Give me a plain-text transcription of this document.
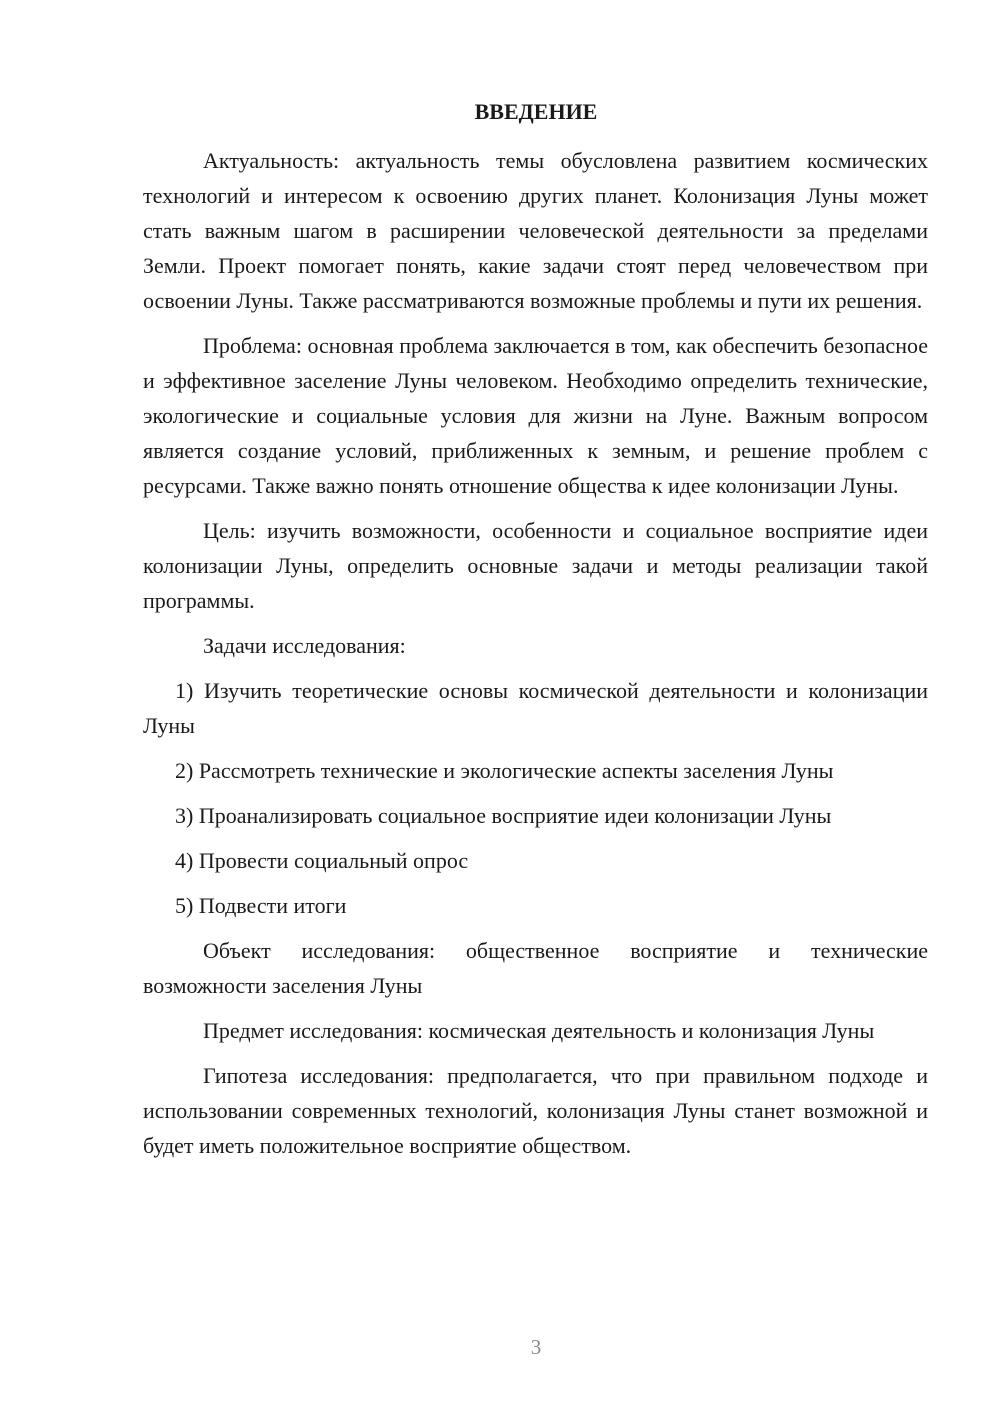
ВВЕДЕНИЕ

Актуальность: актуальность темы обусловлена развитием космических технологий и интересом к освоению других планет. Колонизация Луны может стать важным шагом в расширении человеческой деятельности за пределами Земли. Проект помогает понять, какие задачи стоят перед человечеством при освоении Луны. Также рассматриваются возможные проблемы и пути их решения.

Проблема: основная проблема заключается в том, как обеспечить безопасное и эффективное заселение Луны человеком. Необходимо определить технические, экологические и социальные условия для жизни на Луне. Важным вопросом является создание условий, приближенных к земным, и решение проблем с ресурсами. Также важно понять отношение общества к идее колонизации Луны.

Цель: изучить возможности, особенности и социальное восприятие идеи колонизации Луны, определить основные задачи и методы реализации такой программы.

Задачи исследования:

1) Изучить теоретические основы космической деятельности и колонизации Луны

2) Рассмотреть технические и экологические аспекты заселения Луны

3) Проанализировать социальное восприятие идеи колонизации Луны

4) Провести социальный опрос

5) Подвести итоги

Объект исследования: общественное восприятие и технические возможности заселения Луны

Предмет исследования: космическая деятельность и колонизация Луны

Гипотеза исследования: предполагается, что при правильном подходе и использовании современных технологий, колонизация Луны станет возможной и будет иметь положительное восприятие обществом.

3
